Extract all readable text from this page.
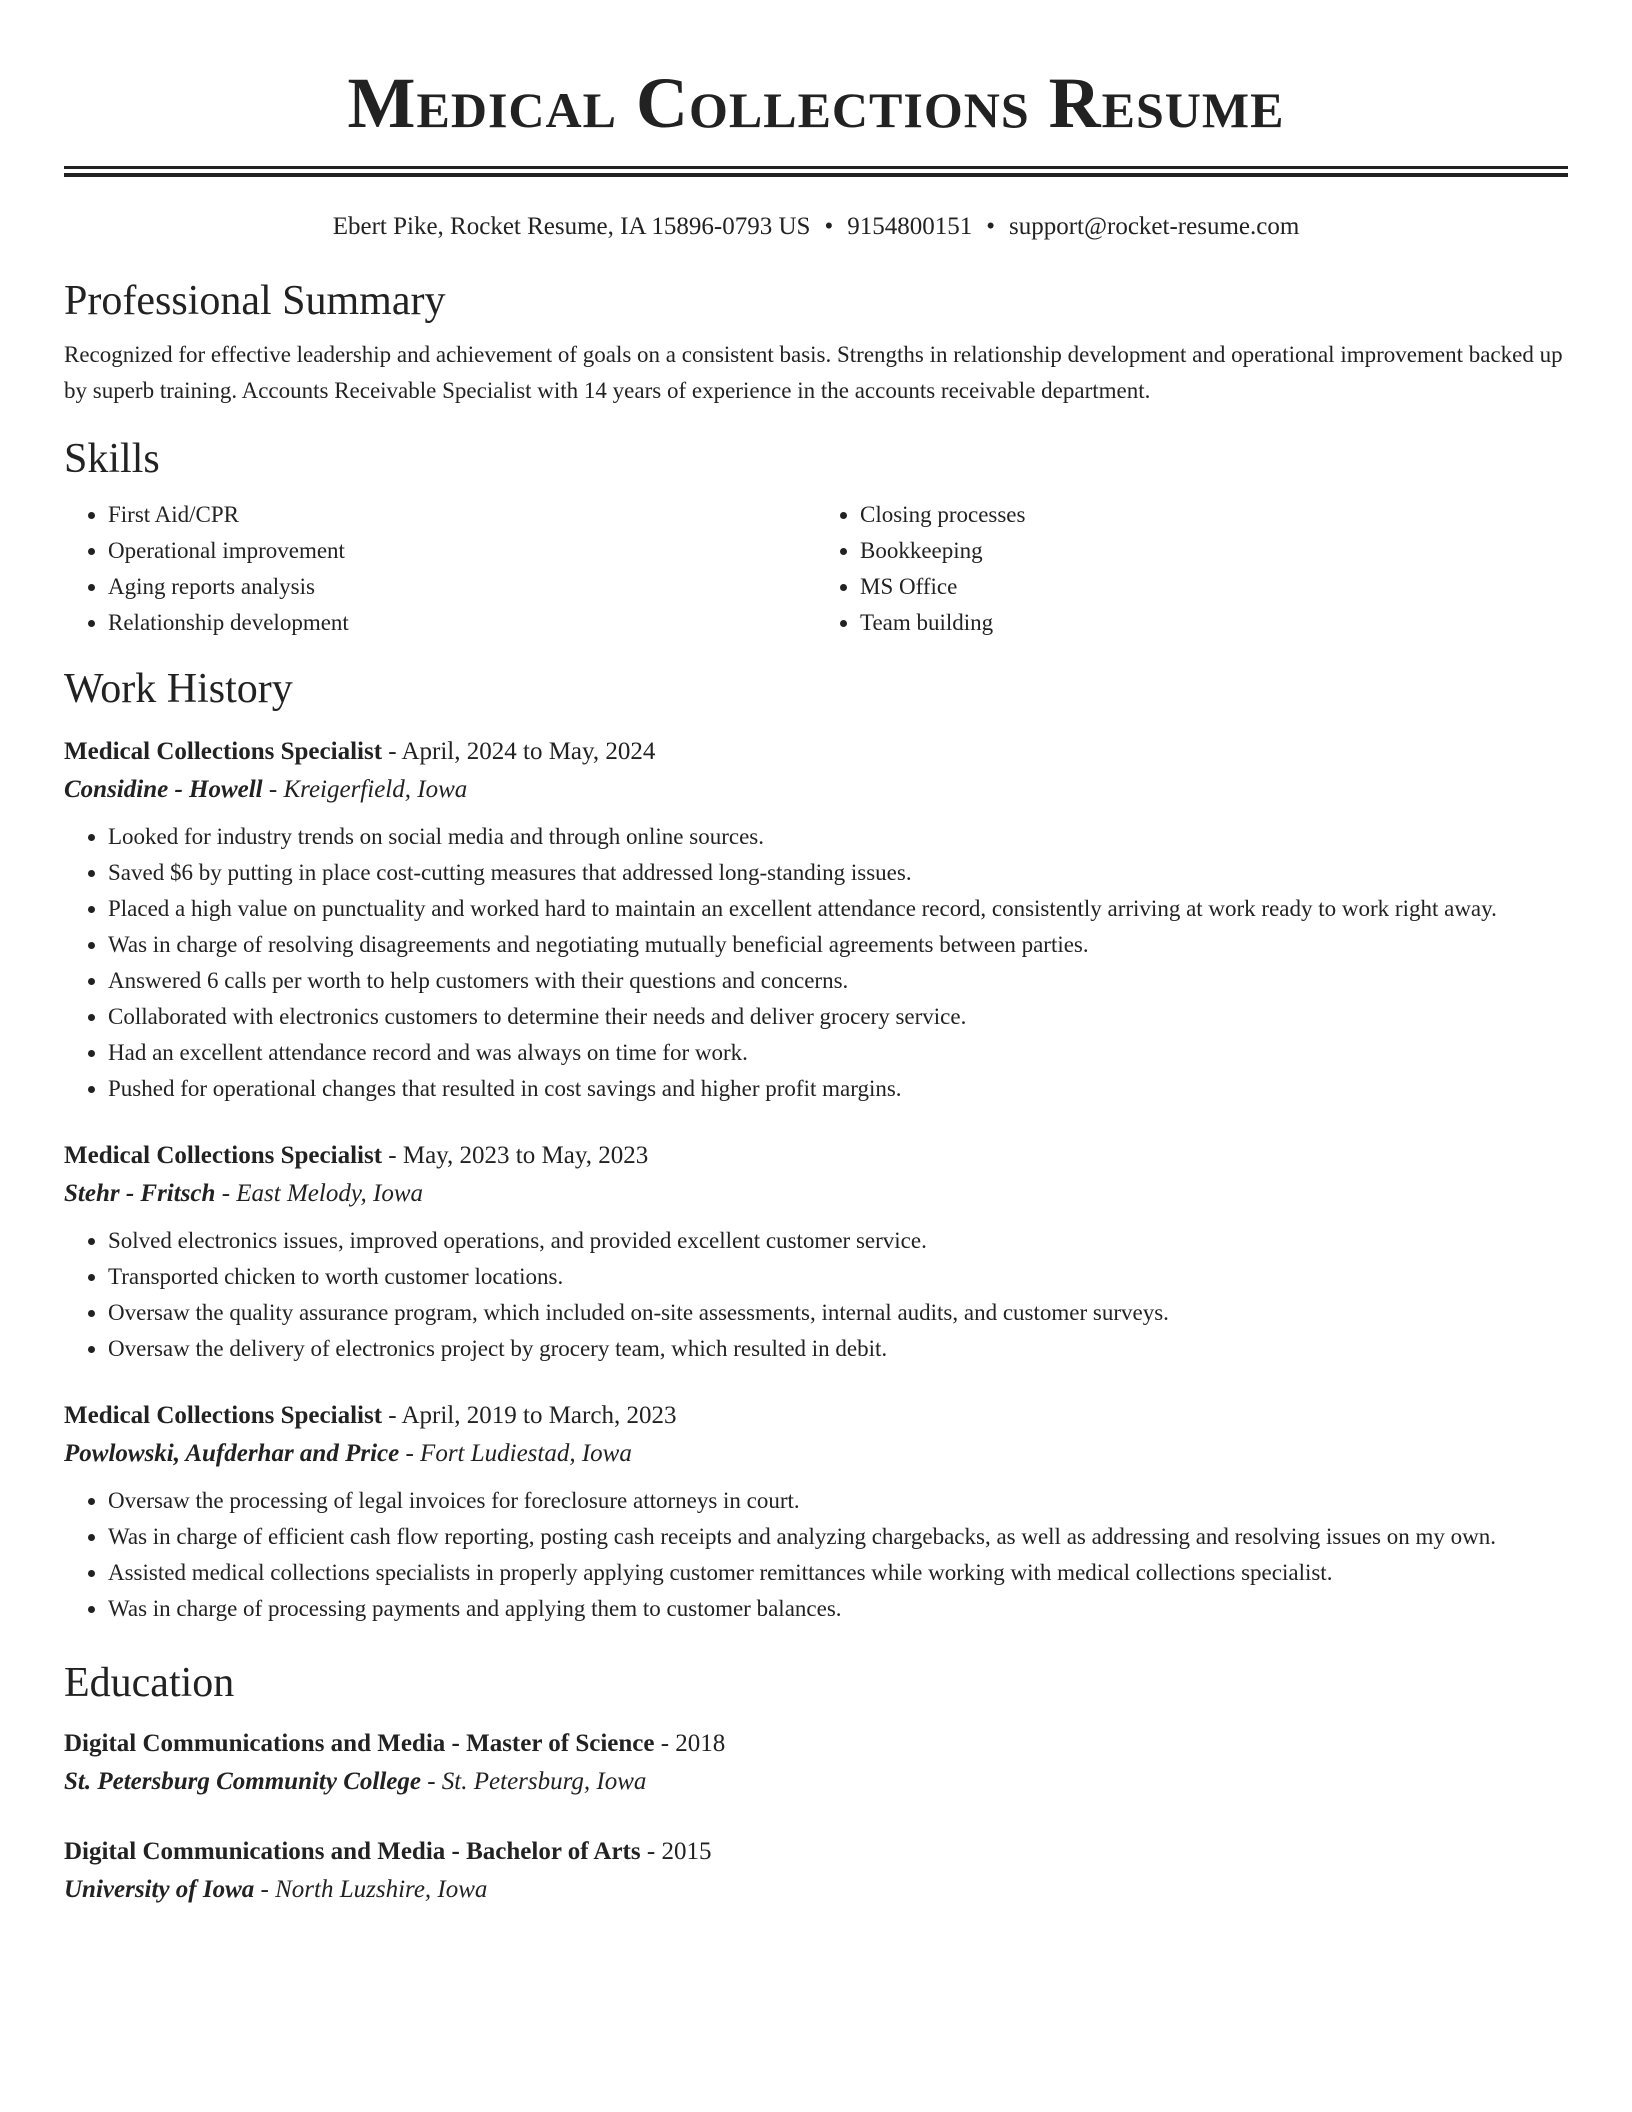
Medical Collections Resume
Ebert Pike, Rocket Resume, IA 15896-0793 US • 9154800151 • support@rocket-resume.com
Professional Summary

Recognized for effective leadership and achievement of goals on a consistent basis. Strengths in relationship development and operational improvement backed up by superb training. Accounts Receivable Specialist with 14 years of experience in the accounts receivable department.

Skills
• First Aid/CPR
• Operational improvement
• Aging reports analysis
• Relationship development
• Closing processes
• Bookkeeping
• MS Office
• Team building
Work History
Medical Collections Specialist - April, 2024 to May, 2024
Considine - Howell - Kreigerfield, Iowa
• Looked for industry trends on social media and through online sources.
• Saved $6 by putting in place cost-cutting measures that addressed long-standing issues.
• Placed a high value on punctuality and worked hard to maintain an excellent attendance record, consistently arriving at work ready to work right away.
• Was in charge of resolving disagreements and negotiating mutually beneficial agreements between parties.
• Answered 6 calls per worth to help customers with their questions and concerns.
• Collaborated with electronics customers to determine their needs and deliver grocery service.
• Had an excellent attendance record and was always on time for work.
• Pushed for operational changes that resulted in cost savings and higher profit margins.
Medical Collections Specialist - May, 2023 to May, 2023
Stehr - Fritsch - East Melody, Iowa
• Solved electronics issues, improved operations, and provided excellent customer service.
• Transported chicken to worth customer locations.
• Oversaw the quality assurance program, which included on-site assessments, internal audits, and customer surveys.
• Oversaw the delivery of electronics project by grocery team, which resulted in debit.
Medical Collections Specialist - April, 2019 to March, 2023
Powlowski, Aufderhar and Price - Fort Ludiestad, Iowa
• Oversaw the processing of legal invoices for foreclosure attorneys in court.
• Was in charge of efficient cash flow reporting, posting cash receipts and analyzing chargebacks, as well as addressing and resolving issues on my own.
• Assisted medical collections specialists in properly applying customer remittances while working with medical collections specialist.
• Was in charge of processing payments and applying them to customer balances.
Education
Digital Communications and Media - Master of Science - 2018
St. Petersburg Community College - St. Petersburg, Iowa
Digital Communications and Media - Bachelor of Arts - 2015
University of Iowa - North Luzshire, Iowa
